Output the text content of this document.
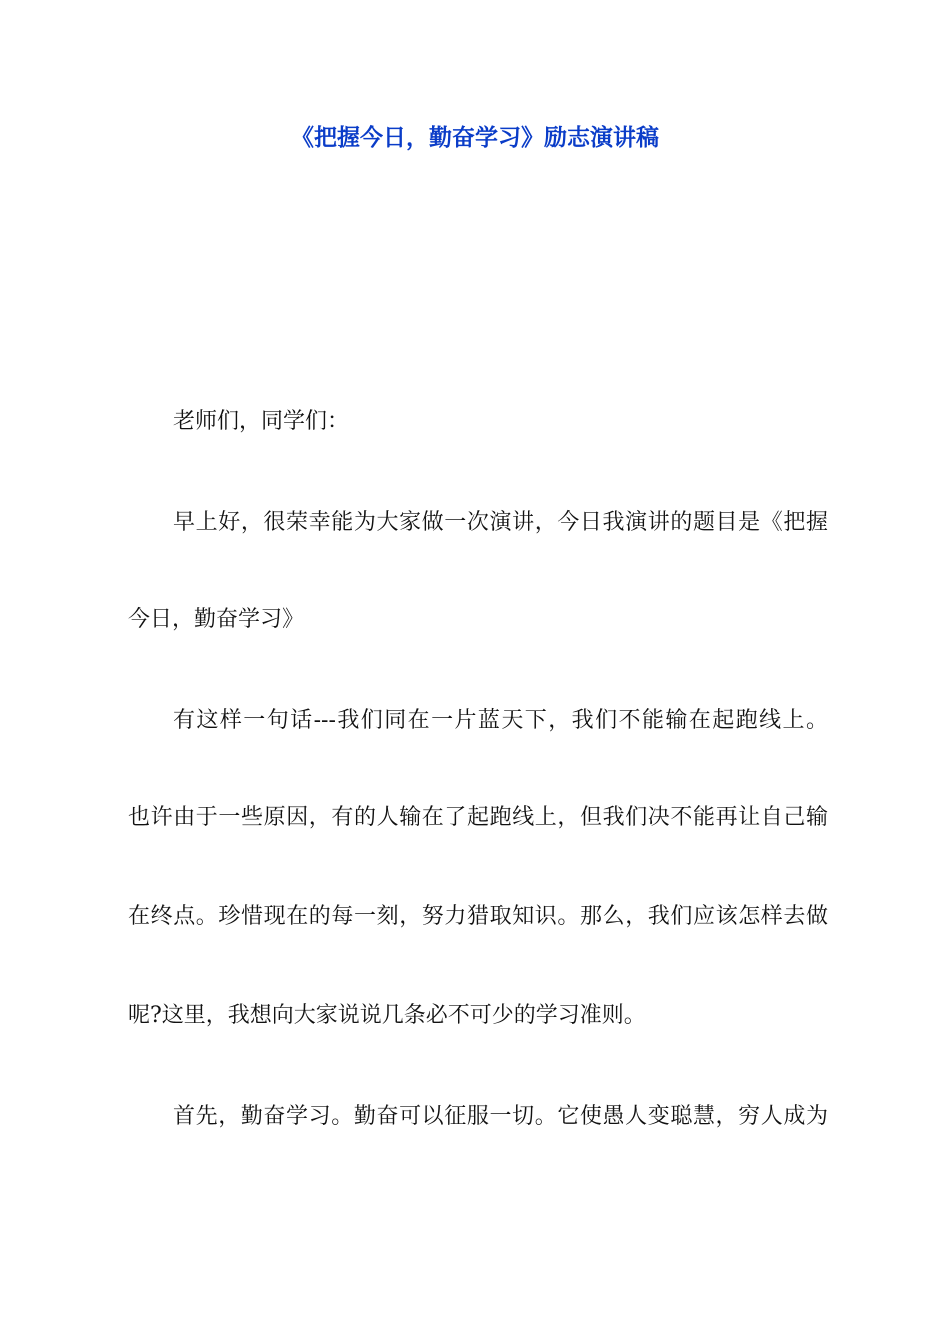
《把握今日，勤奋学习》励志演讲稿
老师们，同学们：
早上好，很荣幸能为大家做一次演讲，今日我演讲的题目是《把握
今日，勤奋学习》
有这样一句话---我们同在一片蓝天下，我们不能输在起跑线上。
也许由于一些原因，有的人输在了起跑线上，但我们决不能再让自己输
在终点。珍惜现在的每一刻，努力猎取知识。那么，我们应该怎样去做
呢?这里，我想向大家说说几条必不可少的学习准则。
首先，勤奋学习。勤奋可以征服一切。它使愚人变聪慧，穷人成为
